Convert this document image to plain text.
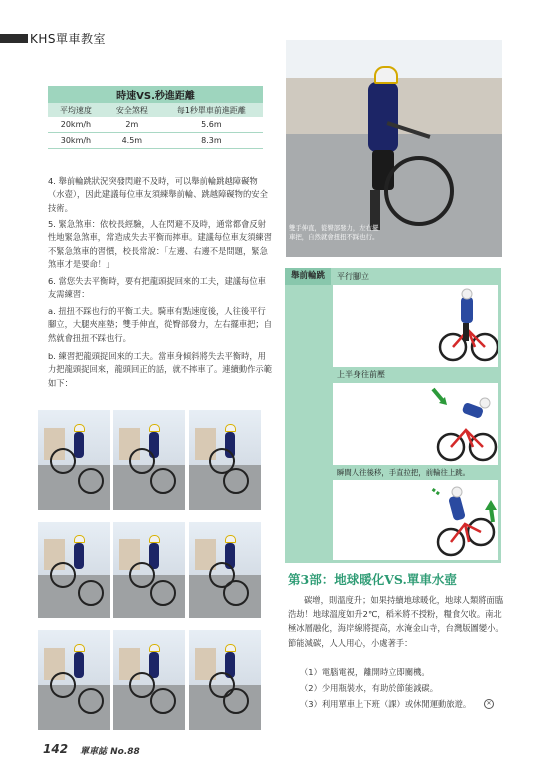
KHS單車教室
時速VS.秒進距離		
平均速度	安全煞程	每1秒單車前進距離
20km/h	2m	5.6m
30km/h	4.5m	8.3m
4. 舉前輪跳狀況突發閃避不及時，可以舉前輪跳越障礙物（水壺），因此建議每位車友須練舉前輪、跳越障礙物的安全技術。
5. 緊急煞車：依校長經驗，人在閃避不及時，通常都會反射性地緊急煞車，常造成失去平衡而摔車。建議每位車友須練習不緊急煞車的習慣，校長常說：「左邊、右邊不是問題，緊急煞車才是要命！」
6. 當您失去平衡時，要有把龍頭捉回來的工夫，建議每位車友需練習：
a. 扭扭不踩也行的平衡工夫。騎車有點速度後，人往後平行腳立，大腿夾座墊；雙手伸直，從臀部發力，左右擺車把；自然就會扭扭不踩也行。
b. 練習把龍頭捉回來的工夫。當車身傾斜將失去平衡時，用力把龍頭捉回來，龍頭回正的話，就不摔車了。連續動作示範如下：
雙手伸直，從臀部發力，左右擺車把，自然就會扭扭不踩也行。
舉前輪跳	平行腳立
上半身往前壓
瞬間人往後移，手直拉把，前輪往上跳。
第3部：地球暖化VS.單車水壺
碳增，則溫度升；如果持續地球暖化，地球人類將面臨浩劫！地球溫度如升2℃，稻米將不授粉，糧食欠收。南北極冰層融化，海岸線將提高，水淹金山寺，台灣版圖變小。節能減碳，人人用心，小處著手：
（1）電腦電視，離開時立即關機。
（2）少用瓶裝水，有助於節能減碳。
（3）利用單車上下班（課）或休閒運動旅遊。	✕
142 單車誌 No.88
